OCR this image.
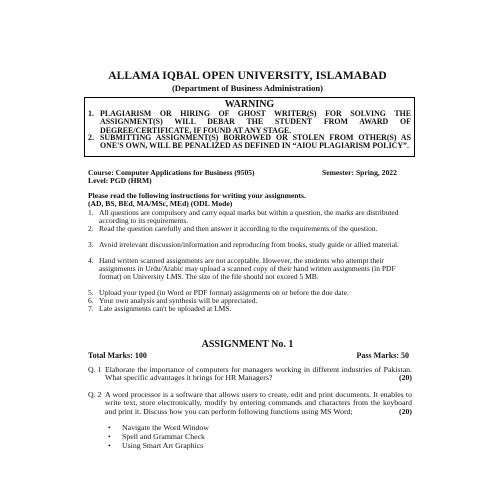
ALLAMA IQBAL OPEN UNIVERSITY, ISLAMABAD
(Department of Business Administration)
WARNING
1. PLAGIARISM OR HIRING OF GHOST WRITER(S) FOR SOLVING THE ASSIGNMENT(S) WILL DEBAR THE STUDENT FROM AWARD OF DEGREE/CERTIFICATE, IF FOUND AT ANY STAGE.
2. SUBMITTING ASSIGNMENT(S) BORROWED OR STOLEN FROM OTHER(S) AS ONE'S OWN, WILL BE PENALIZED AS DEFINED IN “AIOU PLAGIARISM POLICY”.
Course: Computer Applications for Business (9505)	Semester: Spring, 2022
Level: PGD (HRM)
Please read the following instructions for writing your assignments.
(AD, BS, BEd, MA/MSc, MEd) (ODL Mode)
1. All questions are compulsory and carry equal marks but within a question, the marks are distributed according to its requirements.
2. Read the question carefully and then answer it according to the requirements of the question.
3. Avoid irrelevant discussion/information and reproducing from books, study guide or allied material.
4. Hand written scanned assignments are not acceptable. However, the students who attempt their assignments in Urdu/Arabic may upload a scanned copy of their hand written assignments (in PDF format) on University LMS. The size of the file should not exceed 5 MB.
5. Upload your typed (in Word or PDF format) assignments on or before the due date.
6. Your own analysis and synthesis will be appreciated.
7. Late assignments can't be uploaded at LMS.
ASSIGNMENT No. 1
Total Marks: 100	Pass Marks: 50
Q. 1 Elaborate the importance of computers for managers working in different industries of Pakistan. What specific advantages it brings for HR Managers?	(20)
Q. 2 A word processor is a software that allows users to create, edit and print documents. It enables to write text, store electronically, modify by entering commands and characters from the keyboard and print it. Discuss how you can perform following functions using MS Word;	(20)
• Navigate the Word Window
• Spell and Grammar Check
• Using Smart Art Graphics
